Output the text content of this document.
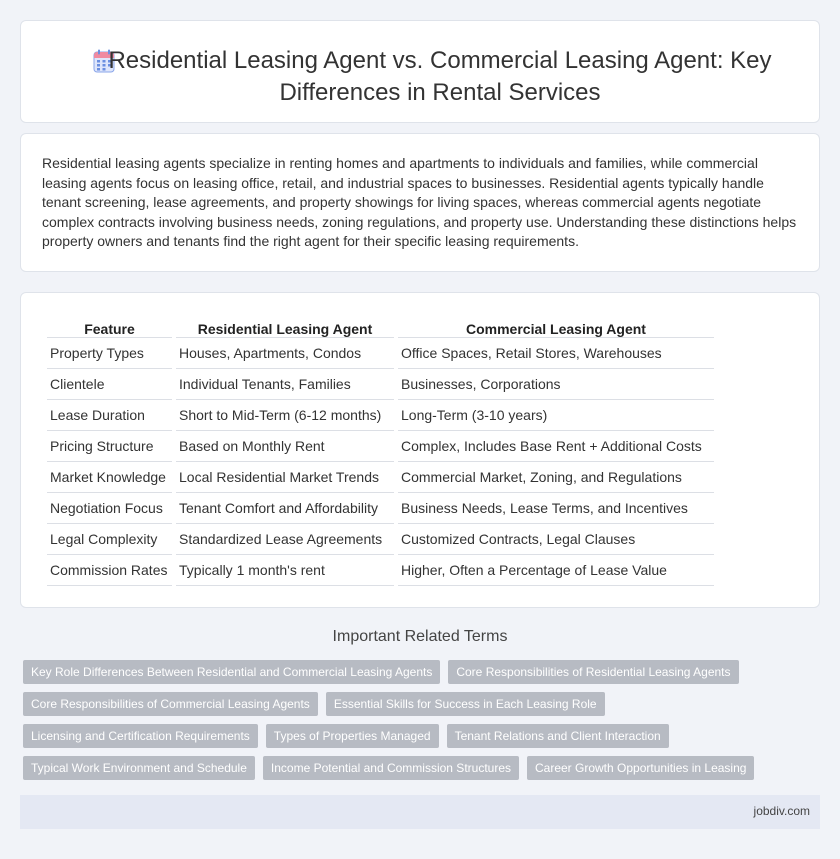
Residential Leasing Agent vs. Commercial Leasing Agent: Key Differences in Rental Services

Residential leasing agents specialize in renting homes and apartments to individuals and families, while commercial leasing agents focus on leasing office, retail, and industrial spaces to businesses. Residential agents typically handle tenant screening, lease agreements, and property showings for living spaces, whereas commercial agents negotiate complex contracts involving business needs, zoning regulations, and property use. Understanding these distinctions helps property owners and tenants find the right agent for their specific leasing requirements.

Feature	Residential Leasing Agent	Commercial Leasing Agent
Property Types	Houses, Apartments, Condos	Office Spaces, Retail Stores, Warehouses
Clientele	Individual Tenants, Families	Businesses, Corporations
Lease Duration	Short to Mid-Term (6-12 months)	Long-Term (3-10 years)
Pricing Structure	Based on Monthly Rent	Complex, Includes Base Rent + Additional Costs
Market Knowledge	Local Residential Market Trends	Commercial Market, Zoning, and Regulations
Negotiation Focus	Tenant Comfort and Affordability	Business Needs, Lease Terms, and Incentives
Legal Complexity	Standardized Lease Agreements	Customized Contracts, Legal Clauses
Commission Rates	Typically 1 month's rent	Higher, Often a Percentage of Lease Value
Important Related Terms
Key Role Differences Between Residential and Commercial Leasing Agents	Core Responsibilities of Residential Leasing Agents
Core Responsibilities of Commercial Leasing Agents	Essential Skills for Success in Each Leasing Role
Licensing and Certification Requirements	Types of Properties Managed	Tenant Relations and Client Interaction
Typical Work Environment and Schedule	Income Potential and Commission Structures	Career Growth Opportunities in Leasing
jobdiv.com
